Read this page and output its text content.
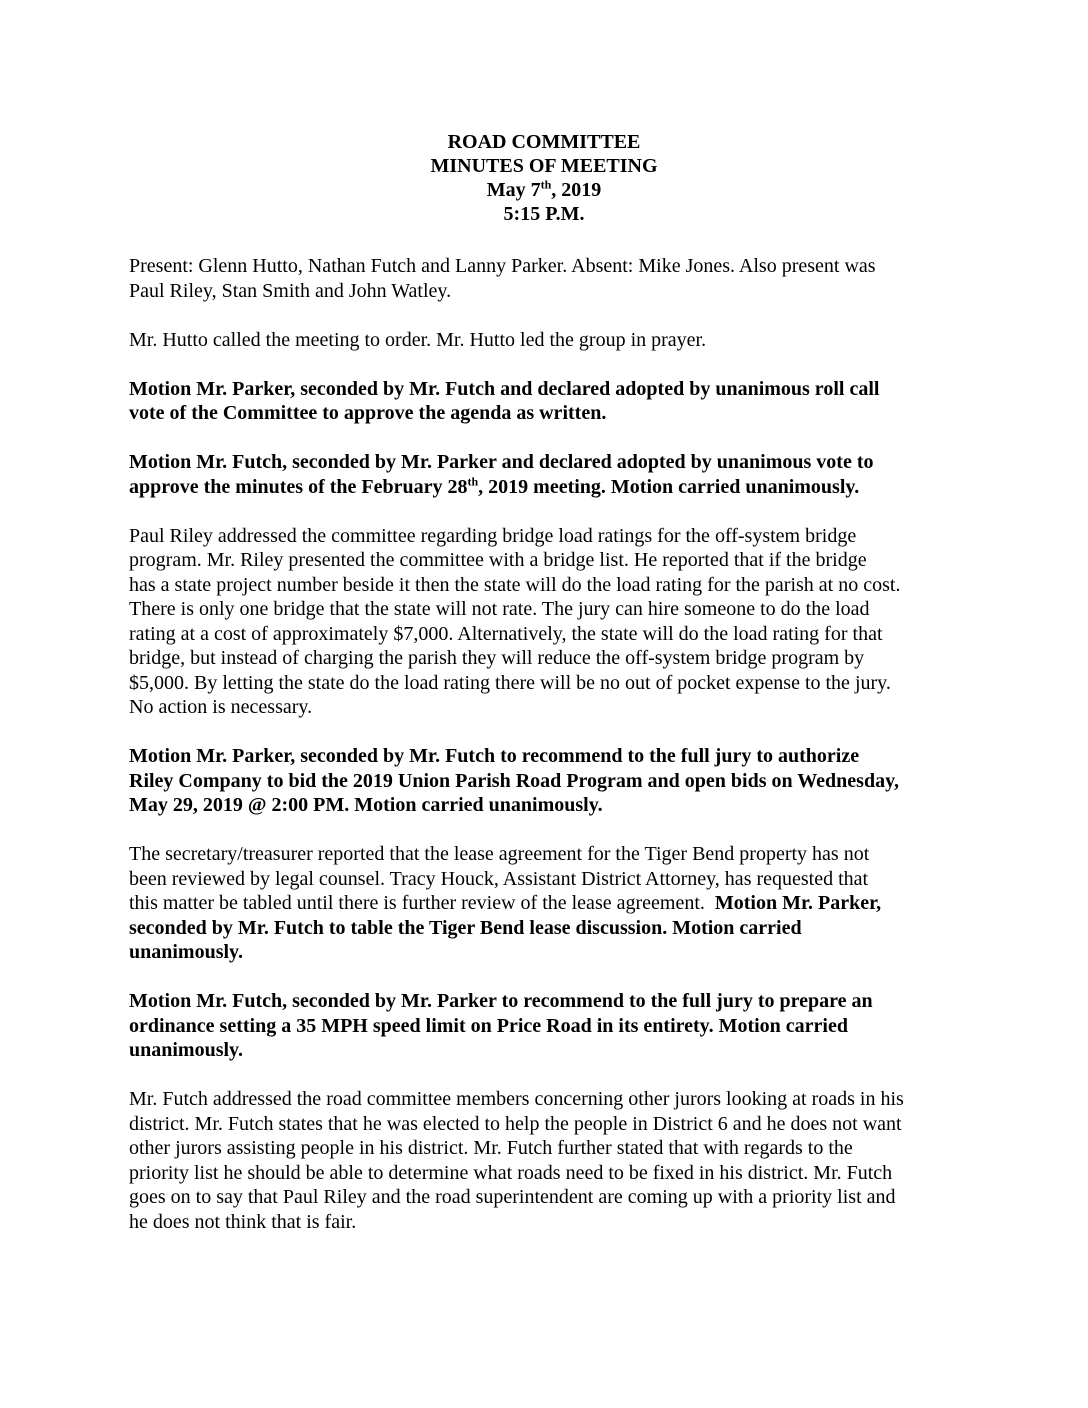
ROAD COMMITTEE
MINUTES OF MEETING
May 7th, 2019
5:15 P.M.
Present: Glenn Hutto, Nathan Futch and Lanny Parker. Absent: Mike Jones. Also present was
Paul Riley, Stan Smith and John Watley.
Mr. Hutto called the meeting to order. Mr. Hutto led the group in prayer.
Motion Mr. Parker, seconded by Mr. Futch and declared adopted by unanimous roll call
vote of the Committee to approve the agenda as written.
Motion Mr. Futch, seconded by Mr. Parker and declared adopted by unanimous vote to
approve the minutes of the February 28th, 2019 meeting. Motion carried unanimously.
Paul Riley addressed the committee regarding bridge load ratings for the off-system bridge
program. Mr. Riley presented the committee with a bridge list. He reported that if the bridge
has a state project number beside it then the state will do the load rating for the parish at no cost.
There is only one bridge that the state will not rate. The jury can hire someone to do the load
rating at a cost of approximately $7,000. Alternatively, the state will do the load rating for that
bridge, but instead of charging the parish they will reduce the off-system bridge program by
$5,000. By letting the state do the load rating there will be no out of pocket expense to the jury.
No action is necessary.
Motion Mr. Parker, seconded by Mr. Futch to recommend to the full jury to authorize
Riley Company to bid the 2019 Union Parish Road Program and open bids on Wednesday,
May 29, 2019 @ 2:00 PM. Motion carried unanimously.
The secretary/treasurer reported that the lease agreement for the Tiger Bend property has not
been reviewed by legal counsel. Tracy Houck, Assistant District Attorney, has requested that
this matter be tabled until there is further review of the lease agreement.  Motion Mr. Parker,
seconded by Mr. Futch to table the Tiger Bend lease discussion. Motion carried
unanimously.
Motion Mr. Futch, seconded by Mr. Parker to recommend to the full jury to prepare an
ordinance setting a 35 MPH speed limit on Price Road in its entirety. Motion carried
unanimously.
Mr. Futch addressed the road committee members concerning other jurors looking at roads in his
district. Mr. Futch states that he was elected to help the people in District 6 and he does not want
other jurors assisting people in his district. Mr. Futch further stated that with regards to the
priority list he should be able to determine what roads need to be fixed in his district. Mr. Futch
goes on to say that Paul Riley and the road superintendent are coming up with a priority list and
he does not think that is fair.
